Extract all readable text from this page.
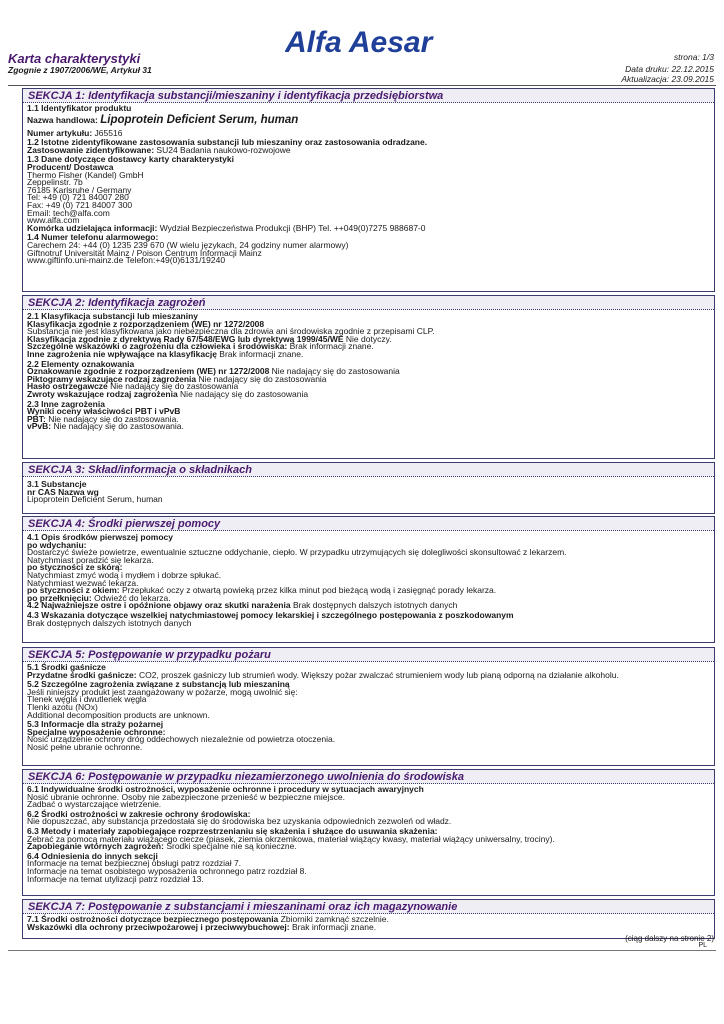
Alfa Aesar
Karta charakterystyki
Zgognie z 1907/2006/WE, Artykuł 31
strona: 1/3
Data druku: 22.12.2015
Aktualizacja: 23.09.2015
SEKCJA 1: Identyfikacja substancji/mieszaniny i identyfikacja przedsiębiorstwa
1.1 Identyfikator produktu
Nazwa handlowa: Lipoprotein Deficient Serum, human
Numer artykułu: J65516
1.2 Istotne zidentyfikowane zastosowania substancji lub mieszaniny oraz zastosowania odradzane.
Zastosowanie zidentyfikowane: SU24 Badania naukowo-rozwojowe
1.3 Dane dotyczące dostawcy karty charakterystyki
Producent/ Dostawca
Thermo Fisher (Kandel) GmbH
Zeppelinstr. 7b
76185 Karlsruhe / Germany
Tel: +49 (0) 721 84007 280
Fax: +49 (0) 721 84007 300
Email: tech@alfa.com
www.alfa.com
Komórka udzielająca informacji: Wydział Bezpieczeństwa Produkcji (BHP) Tel. ++049(0)7275 988687-0
1.4 Numer telefonu alarmowego:
Carechem 24: +44 (0) 1235 239 670 (W wielu językach, 24 godziny numer alarmowy)
Giftnotruf Universität Mainz / Poison Centrum Informacji Mainz
www.giftinfo.uni-mainz.de Telefon:+49(0)6131/19240
SEKCJA 2: Identyfikacja zagrożeń
2.1 Klasyfikacja substancji lub mieszaniny
Klasyfikacja zgodnie z rozporządzeniem (WE) nr 1272/2008
Substancja nie jest klasyfikowana jako niebezpieczna dla zdrowia ani środowiska zgodnie z przepisami CLP.
Klasyfikacja zgodnie z dyrektywą Rady 67/548/EWG lub dyrektywą 1999/45/WE Nie dotyczy.
Szczególne wskazówki o zagrożeniu dla człowieka i środowiska: Brak informacji znane.
Inne zagrożenia nie wpływające na klasyfikację Brak informacji znane.
2.2 Elementy oznakowania
Oznakowanie zgodnie z rozporządzeniem (WE) nr 1272/2008 Nie nadający się do zastosowania
Piktogramy wskazujące rodzaj zagrożenia Nie nadający się do zastosowania
Hasło ostrzegawcze Nie nadający się do zastosowania
Zwroty wskazujące rodzaj zagrożenia Nie nadający się do zastosowania
2.3 Inne zagrożenia
Wyniki oceny właściwości PBT i vPvB
PBT: Nie nadający się do zastosowania.
vPvB: Nie nadający się do zastosowania.
SEKCJA 3: Skład/informacja o składnikach
3.1 Substancje
nr CAS Nazwa wg
Lipoprotein Deficient Serum, human
SEKCJA 4: Środki pierwszej pomocy
4.1 Opis środków pierwszej pomocy
po wdychaniu:
Dostarczyć świeże powietrze, ewentualnie sztuczne oddychanie, ciepło. W przypadku utrzymujących się dolegliwości skonsultować z lekarzem.
Natychmiast poradzić się lekarza.
po styczności ze skórą:
Natychmiast zmyć wodą i mydłem i dobrze spłukać.
Natychmiast wezwać lekarza.
po styczności z okiem: Przepłukać oczy z otwartą powieką przez kilka minut pod bieżącą wodą i zasięgnąć porady lekarza.
po przełknięciu: Odwieźć do lekarza.
4.2 Najważniejsze ostre i opóźnione objawy oraz skutki narażenia Brak dostępnych dalszych istotnych danych
4.3 Wskazania dotyczące wszelkiej natychmiastowej pomocy lekarskiej i szczególnego postępowania z poszkodowanym
Brak dostępnych dalszych istotnych danych
SEKCJA 5: Postępowanie w przypadku pożaru
5.1 Środki gaśnicze
Przydatne środki gaśnicze: CO2, proszek gaśniczy lub strumień wody. Większy pożar zwalczać strumieniem wody lub pianą odporną na działanie alkoholu.
5.2 Szczególne zagrożenia związane z substancją lub mieszaniną
Jeśli niniejszy produkt jest zaangażowany w pożarze, mogą uwolnić się:
Tlenek węgla i dwutlenek węgla
Tlenki azotu (NOx)
Additional decomposition products are unknown.
5.3 Informacje dla straży pożarnej
Specjalne wyposażenie ochronne:
Nosić urządzenie ochrony dróg oddechowych niezależnie od powietrza otoczenia.
Nosić pełne ubranie ochronne.
SEKCJA 6: Postępowanie w przypadku niezamierzonego uwolnienia do środowiska
6.1 Indywidualne środki ostrożności, wyposażenie ochronne i procedury w sytuacjach awaryjnych
Nosić ubranie ochronne. Osoby nie zabezpieczone przenieść w bezpieczne miejsce.
Zadbać o wystarczające wietrzenie.
6.2 Środki ostrożności w zakresie ochrony środowiska:
Nie dopuszczać, aby substancja przedostała się do środowiska bez uzyskania odpowiednich zezwoleń od władz.
6.3 Metody i materiały zapobiegające rozprzestrzenianiu się skażenia i służące do usuwania skażenia:
Zebrać za pomocą materiału wiążącego ciecze (piasek, ziemia okrzemkowa, materiał wiążący kwasy, materiał wiążący uniwersalny, trociny).
Zapobieganie wtórnych zagrożeń: Środki specjalne nie są konieczne.
6.4 Odniesienia do innych sekcji
Informacje na temat bezpiecznej obsługi patrz rozdział 7.
Informacje na temat osobistego wyposażenia ochronnego patrz rozdział 8.
Informacje na temat utylizacji patrz rozdział 13.
SEKCJA 7: Postępowanie z substancjami i mieszaninami oraz ich magazynowanie
7.1 Środki ostrożności dotyczące bezpiecznego postępowania Zbiorniki zamknąć szczelnie.
Wskazówki dla ochrony przeciwpożarowej i przeciwwybuchowej: Brak informacji znane.
(ciąg dalszy na stronie 2)
PL
